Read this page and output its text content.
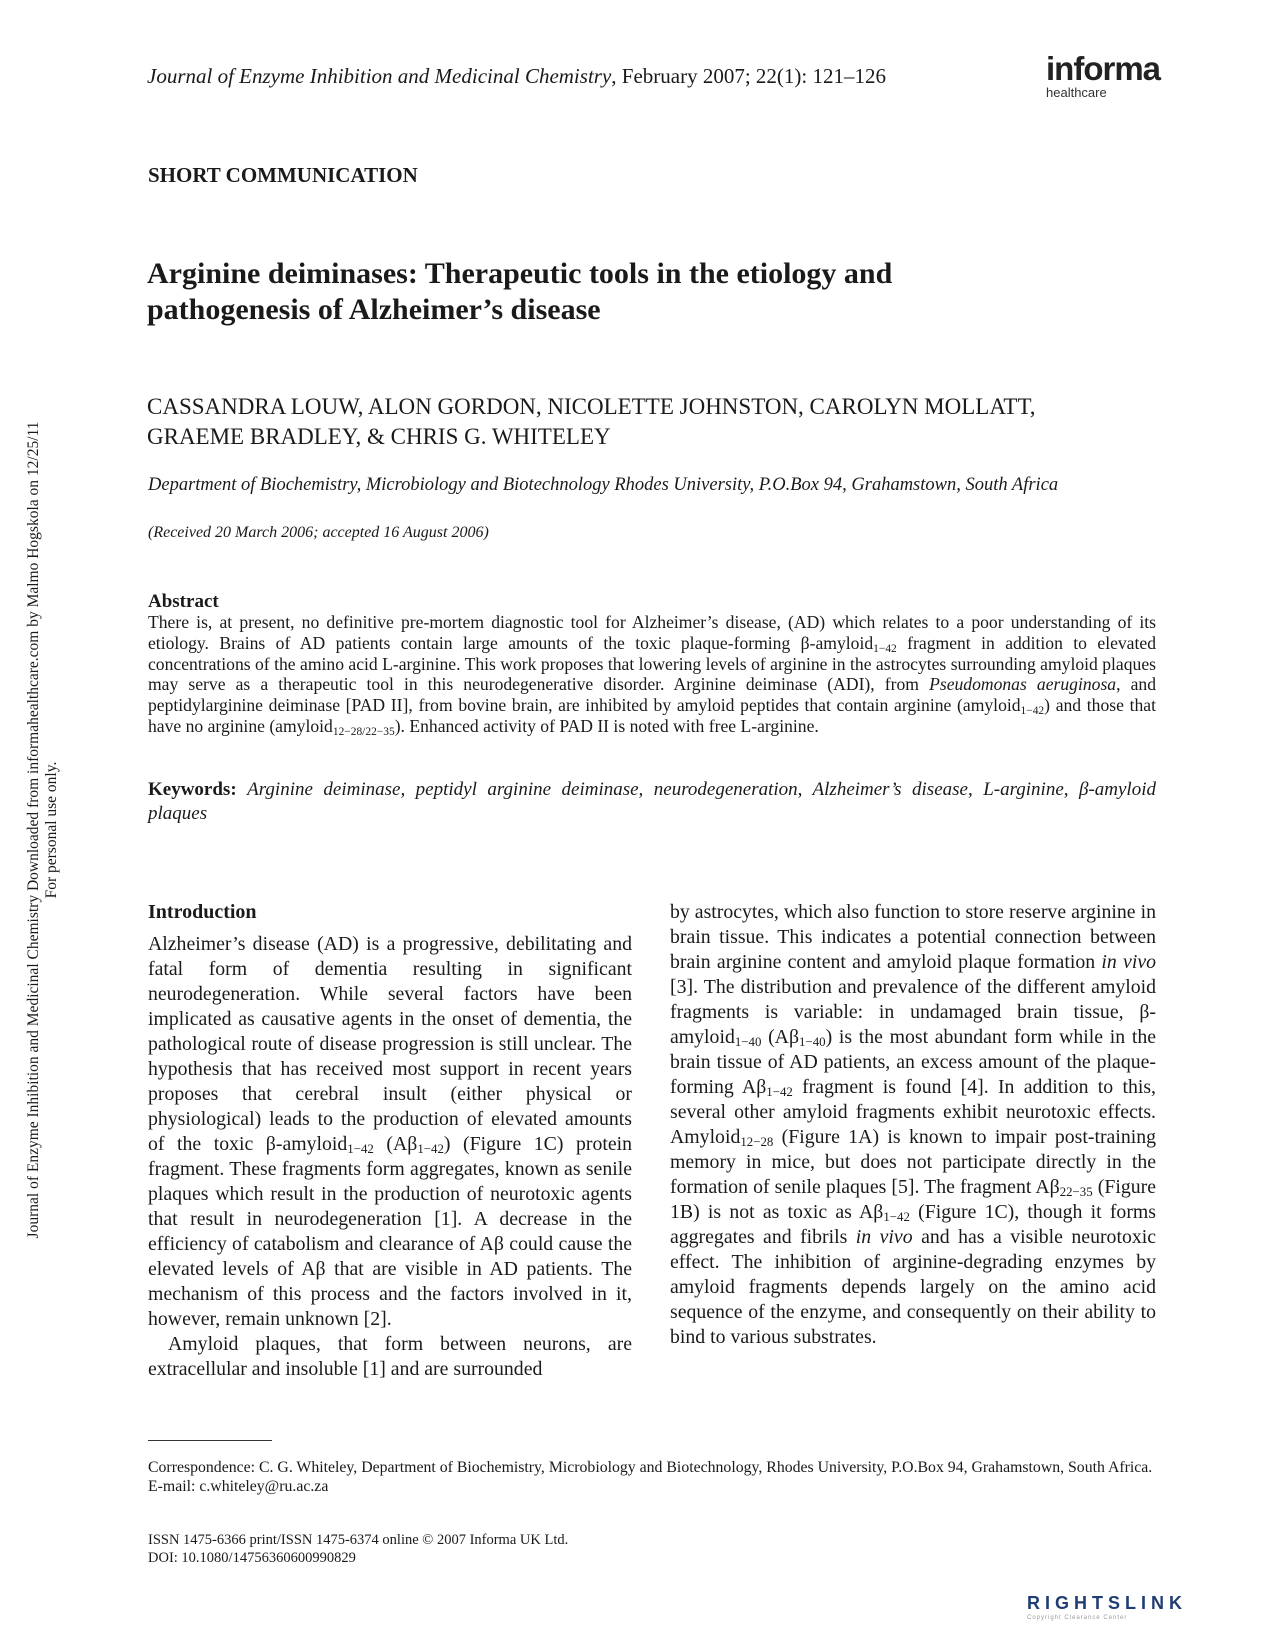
Journal of Enzyme Inhibition and Medicinal Chemistry, February 2007; 22(1): 121–126	informa
healthcare
SHORT COMMUNICATION
Arginine deiminases: Therapeutic tools in the etiology and
pathogenesis of Alzheimer’s disease
CASSANDRA LOUW, ALON GORDON, NICOLETTE JOHNSTON, CAROLYN MOLLATT,
GRAEME BRADLEY, & CHRIS G. WHITELEY
Department of Biochemistry, Microbiology and Biotechnology Rhodes University, P.O.Box 94, Grahamstown, South Africa
(Received 20 March 2006; accepted 16 August 2006)
Abstract
There is, at present, no definitive pre-mortem diagnostic tool for Alzheimer’s disease, (AD) which relates to a poor understanding of its etiology. Brains of AD patients contain large amounts of the toxic plaque-forming β-amyloid$_{1-42}$ fragment in addition to elevated concentrations of the amino acid L-arginine. This work proposes that lowering levels of arginine in the astrocytes surrounding amyloid plaques may serve as a therapeutic tool in this neurodegenerative disorder. Arginine deiminase (ADI), from Pseudomonas aeruginosa, and peptidylarginine deiminase [PAD II], from bovine brain, are inhibited by amyloid peptides that contain arginine (amyloid$_{1-42}$) and those that have no arginine (amyloid$_{12-28/22-35}$). Enhanced activity of PAD II is noted with free L-arginine.
Keywords: Arginine deiminase, peptidyl arginine deiminase, neurodegeneration, Alzheimer’s disease, L-arginine, β-amyloid plaques
Introduction

Alzheimer’s disease (AD) is a progressive, debilitating and fatal form of dementia resulting in significant neurodegeneration. While several factors have been implicated as causative agents in the onset of dementia, the pathological route of disease progression is still unclear. The hypothesis that has received most support in recent years proposes that cerebral insult (either physical or physiological) leads to the production of elevated amounts of the toxic β-amyloid$_{1-42}$ $(A\beta_{1-42})$ (Figure 1C) protein fragment. These fragments form aggregates, known as senile plaques which result in the production of neurotoxic agents that result in neurodegeneration [1]. A decrease in the efficiency of catabolism and clearance of Aβ could cause the elevated levels of Aβ that are visible in AD patients. The mechanism of this process and the factors involved in it, however, remain unknown [2].

Amyloid plaques, that form between neurons, are extracellular and insoluble [1] and are surrounded

by astrocytes, which also function to store reserve arginine in brain tissue. This indicates a potential connection between brain arginine content and amyloid plaque formation in vivo [3]. The distribution and prevalence of the different amyloid fragments is variable: in undamaged brain tissue, β-amyloid$_{1-40}$ $(A\beta_{1-40})$ is the most abundant form while in the brain tissue of AD patients, an excess amount of the plaque-forming $A\beta_{1-42}$ fragment is found [4]. In addition to this, several other amyloid fragments exhibit neurotoxic effects. Amyloid$_{12-28}$ (Figure 1A) is known to impair post-training memory in mice, but does not participate directly in the formation of senile plaques [5]. The fragment $A\beta_{22-35}$ (Figure 1B) is not as toxic as $A\beta_{1-42}$ (Figure 1C), though it forms aggregates and fibrils in vivo and has a visible neurotoxic effect. The inhibition of arginine-degrading enzymes by amyloid fragments depends largely on the amino acid sequence of the enzyme, and consequently on their ability to bind to various substrates.

Correspondence: C. G. Whiteley, Department of Biochemistry, Microbiology and Biotechnology, Rhodes University, P.O.Box 94, Grahamstown, South Africa. E-mail: c.whiteley@ru.ac.za
ISSN 1475-6366 print/ISSN 1475-6374 online © 2007 Informa UK Ltd.
DOI: 10.1080/14756360600990829
Journal of Enzyme Inhibition and Medicinal Chemistry Downloaded from informahealthcare.com by Malmo Hogskola on 12/25/11 For personal use only.
RIGHTSLINK
Copyright Clearance Center
